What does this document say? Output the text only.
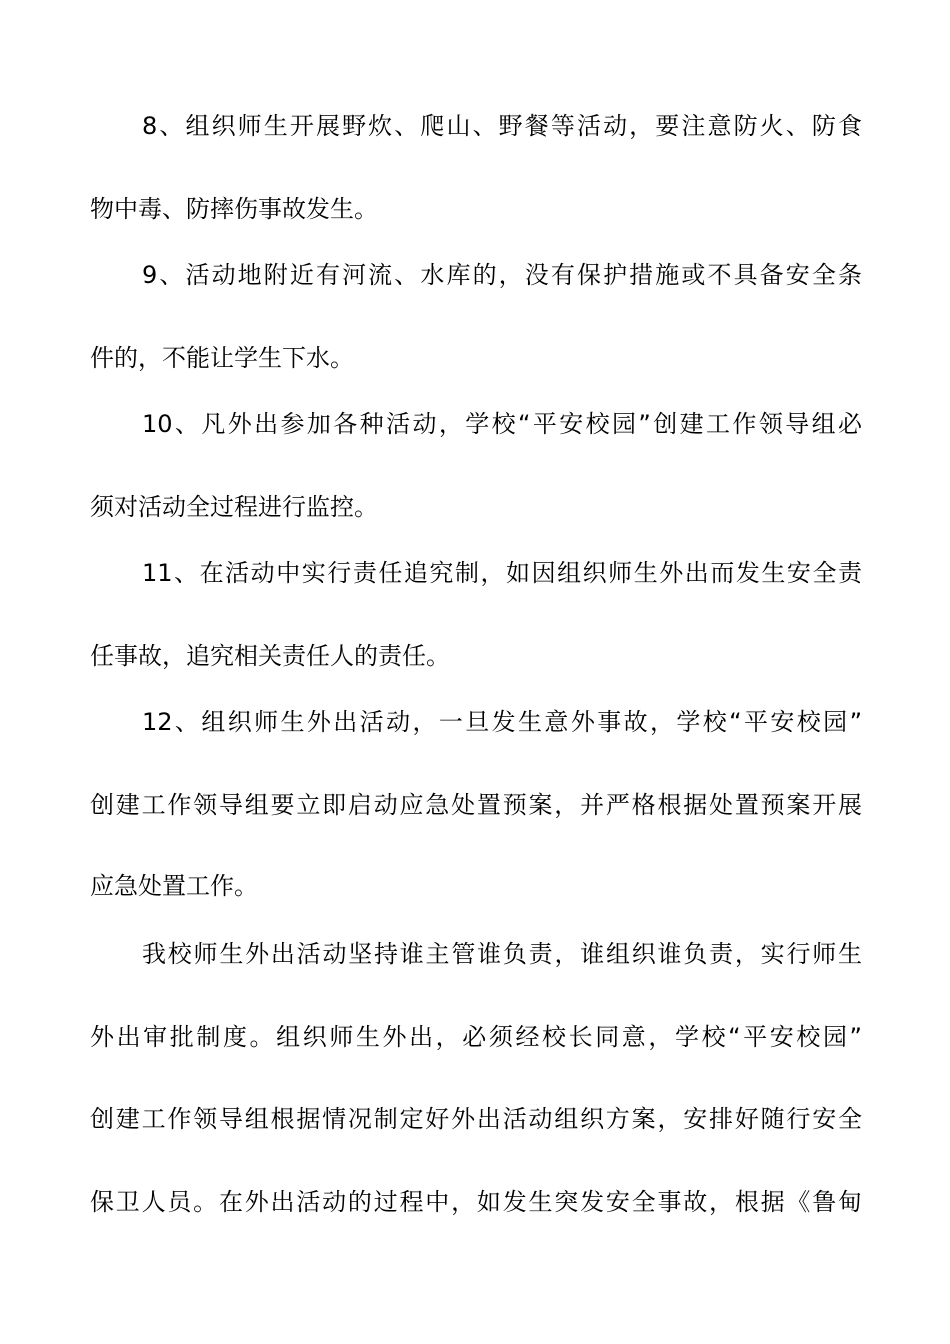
8、组织师生开展野炊、爬山、野餐等活动，要注意防火、防食
物中毒、防摔伤事故发生。
9、活动地附近有河流、水库的，没有保护措施或不具备安全条
件的，不能让学生下水。
10、凡外出参加各种活动，学校“平安校园”创建工作领导组必
须对活动全过程进行监控。
11、在活动中实行责任追究制，如因组织师生外出而发生安全责
任事故，追究相关责任人的责任。
12、组织师生外出活动，一旦发生意外事故，学校“平安校园”
创建工作领导组要立即启动应急处置预案，并严格根据处置预案开展
应急处置工作。
我校师生外出活动坚持谁主管谁负责，谁组织谁负责，实行师生
外出审批制度。组织师生外出，必须经校长同意，学校“平安校园”
创建工作领导组根据情况制定好外出活动组织方案，安排好随行安全
保卫人员。在外出活动的过程中，如发生突发安全事故，根据《鲁甸
